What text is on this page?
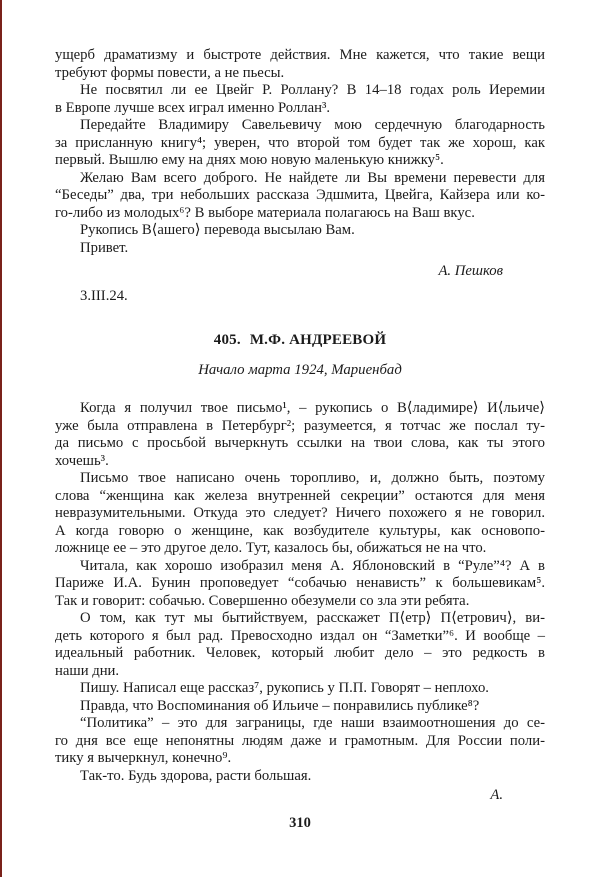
ущерб драматизму и быстроте действия. Мне кажется, что такие вещи
требуют формы повести, а не пьесы.
Не посвятил ли ее Цвейг Р. Роллану? В 14–18 годах роль Иеремии
в Европе лучше всех играл именно Роллан³.
Передайте Владимиру Савельевичу мою сердечную благодарность
за присланную книгу⁴; уверен, что второй том будет так же хорош, как
первый. Вышлю ему на днях мою новую маленькую книжку⁵.
Желаю Вам всего доброго. Не найдете ли Вы времени перевести для
“Беседы” два, три небольших рассказа Эдшмита, Цвейга, Кайзера или ко-
го-либо из молодых⁶? В выборе материала полагаюсь на Ваш вкус.
Рукопись В⟨ашего⟩ перевода высылаю Вам.
Привет.
А. Пешков
3.III.24.
405. М.Ф. АНДРЕЕВОЙ
Начало марта 1924, Мариенбад
Когда я получил твое письмо¹, – рукопись о В⟨ладимире⟩ И⟨льиче⟩
уже была отправлена в Петербург²; разумеется, я тотчас же послал ту-
да письмо с просьбой вычеркнуть ссылки на твои слова, как ты этого
хочешь³.
Письмо твое написано очень торопливо, и, должно быть, поэтому
слова “женщина как железа внутренней секреции” остаются для меня
невразумительными. Откуда это следует? Ничего похожего я не говорил.
А когда говорю о женщине, как возбудителе культуры, как основопо-
ложнице ее – это другое дело. Тут, казалось бы, обижаться не на что.
Читала, как хорошо изобразил меня А. Яблоновский в “Руле”⁴? А в
Париже И.А. Бунин проповедует “собачью ненависть” к большевикам⁵.
Так и говорит: собачью. Совершенно обезумели со зла эти ребята.
О том, как тут мы бытийствуем, расскажет П⟨етр⟩ П⟨етрович⟩, ви-
деть которого я был рад. Превосходно издал он “Заметки”⁶. И вообще –
идеальный работник. Человек, который любит дело – это редкость в
наши дни.
Пишу. Написал еще рассказ⁷, рукопись у П.П. Говорят – неплохо.
Правда, что Воспоминания об Ильиче – понравились публике⁸?
“Политика” – это для заграницы, где наши взаимоотношения до се-
го дня все еще непонятны людям даже и грамотным. Для России поли-
тику я вычеркнул, конечно⁹.
Так-то. Будь здорова, расти большая.
А.
310
